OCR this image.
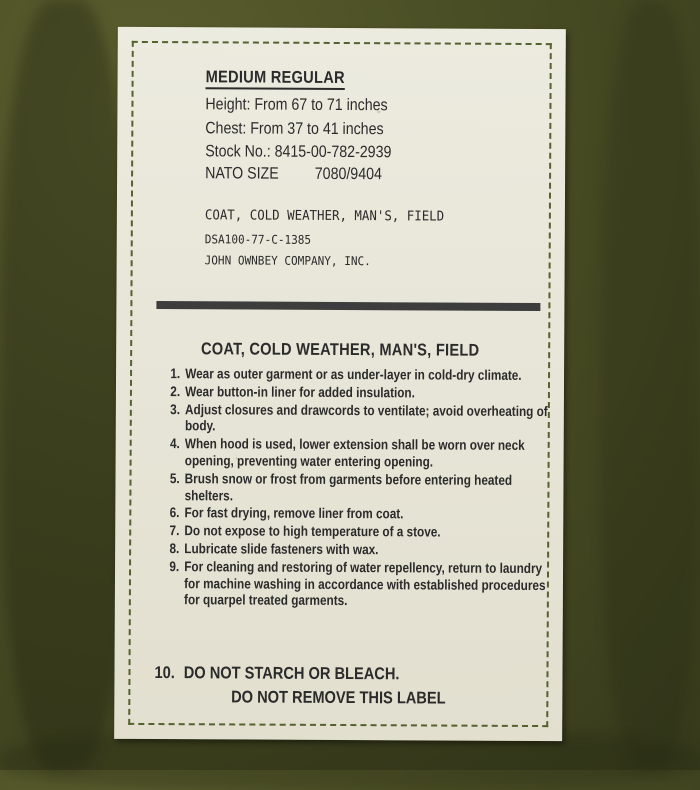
MEDIUM REGULAR
Height: From 67 to 71 inches
Chest: From 37 to 41 inches
Stock No.: 8415-00-782-2939
NATO SIZE 7080/9404
COAT, COLD WEATHER, MAN'S, FIELD
DSA100-77-C-1385
JOHN OWNBEY COMPANY, INC.
COAT, COLD WEATHER, MAN'S, FIELD
1. Wear as outer garment or as under-layer in cold-dry climate.
2. Wear button-in liner for added insulation.
3. Adjust closures and drawcords to ventilate; avoid overheating of body.
4. When hood is used, lower extension shall be worn over neck opening, preventing water entering opening.
5. Brush snow or frost from garments before entering heated shelters.
6. For fast drying, remove liner from coat.
7. Do not expose to high temperature of a stove.
8. Lubricate slide fasteners with wax.
9. For cleaning and restoring of water repellency, return to laundry for machine washing in accordance with established procedures for quarpel treated garments.
10. DO NOT STARCH OR BLEACH.
DO NOT REMOVE THIS LABEL
